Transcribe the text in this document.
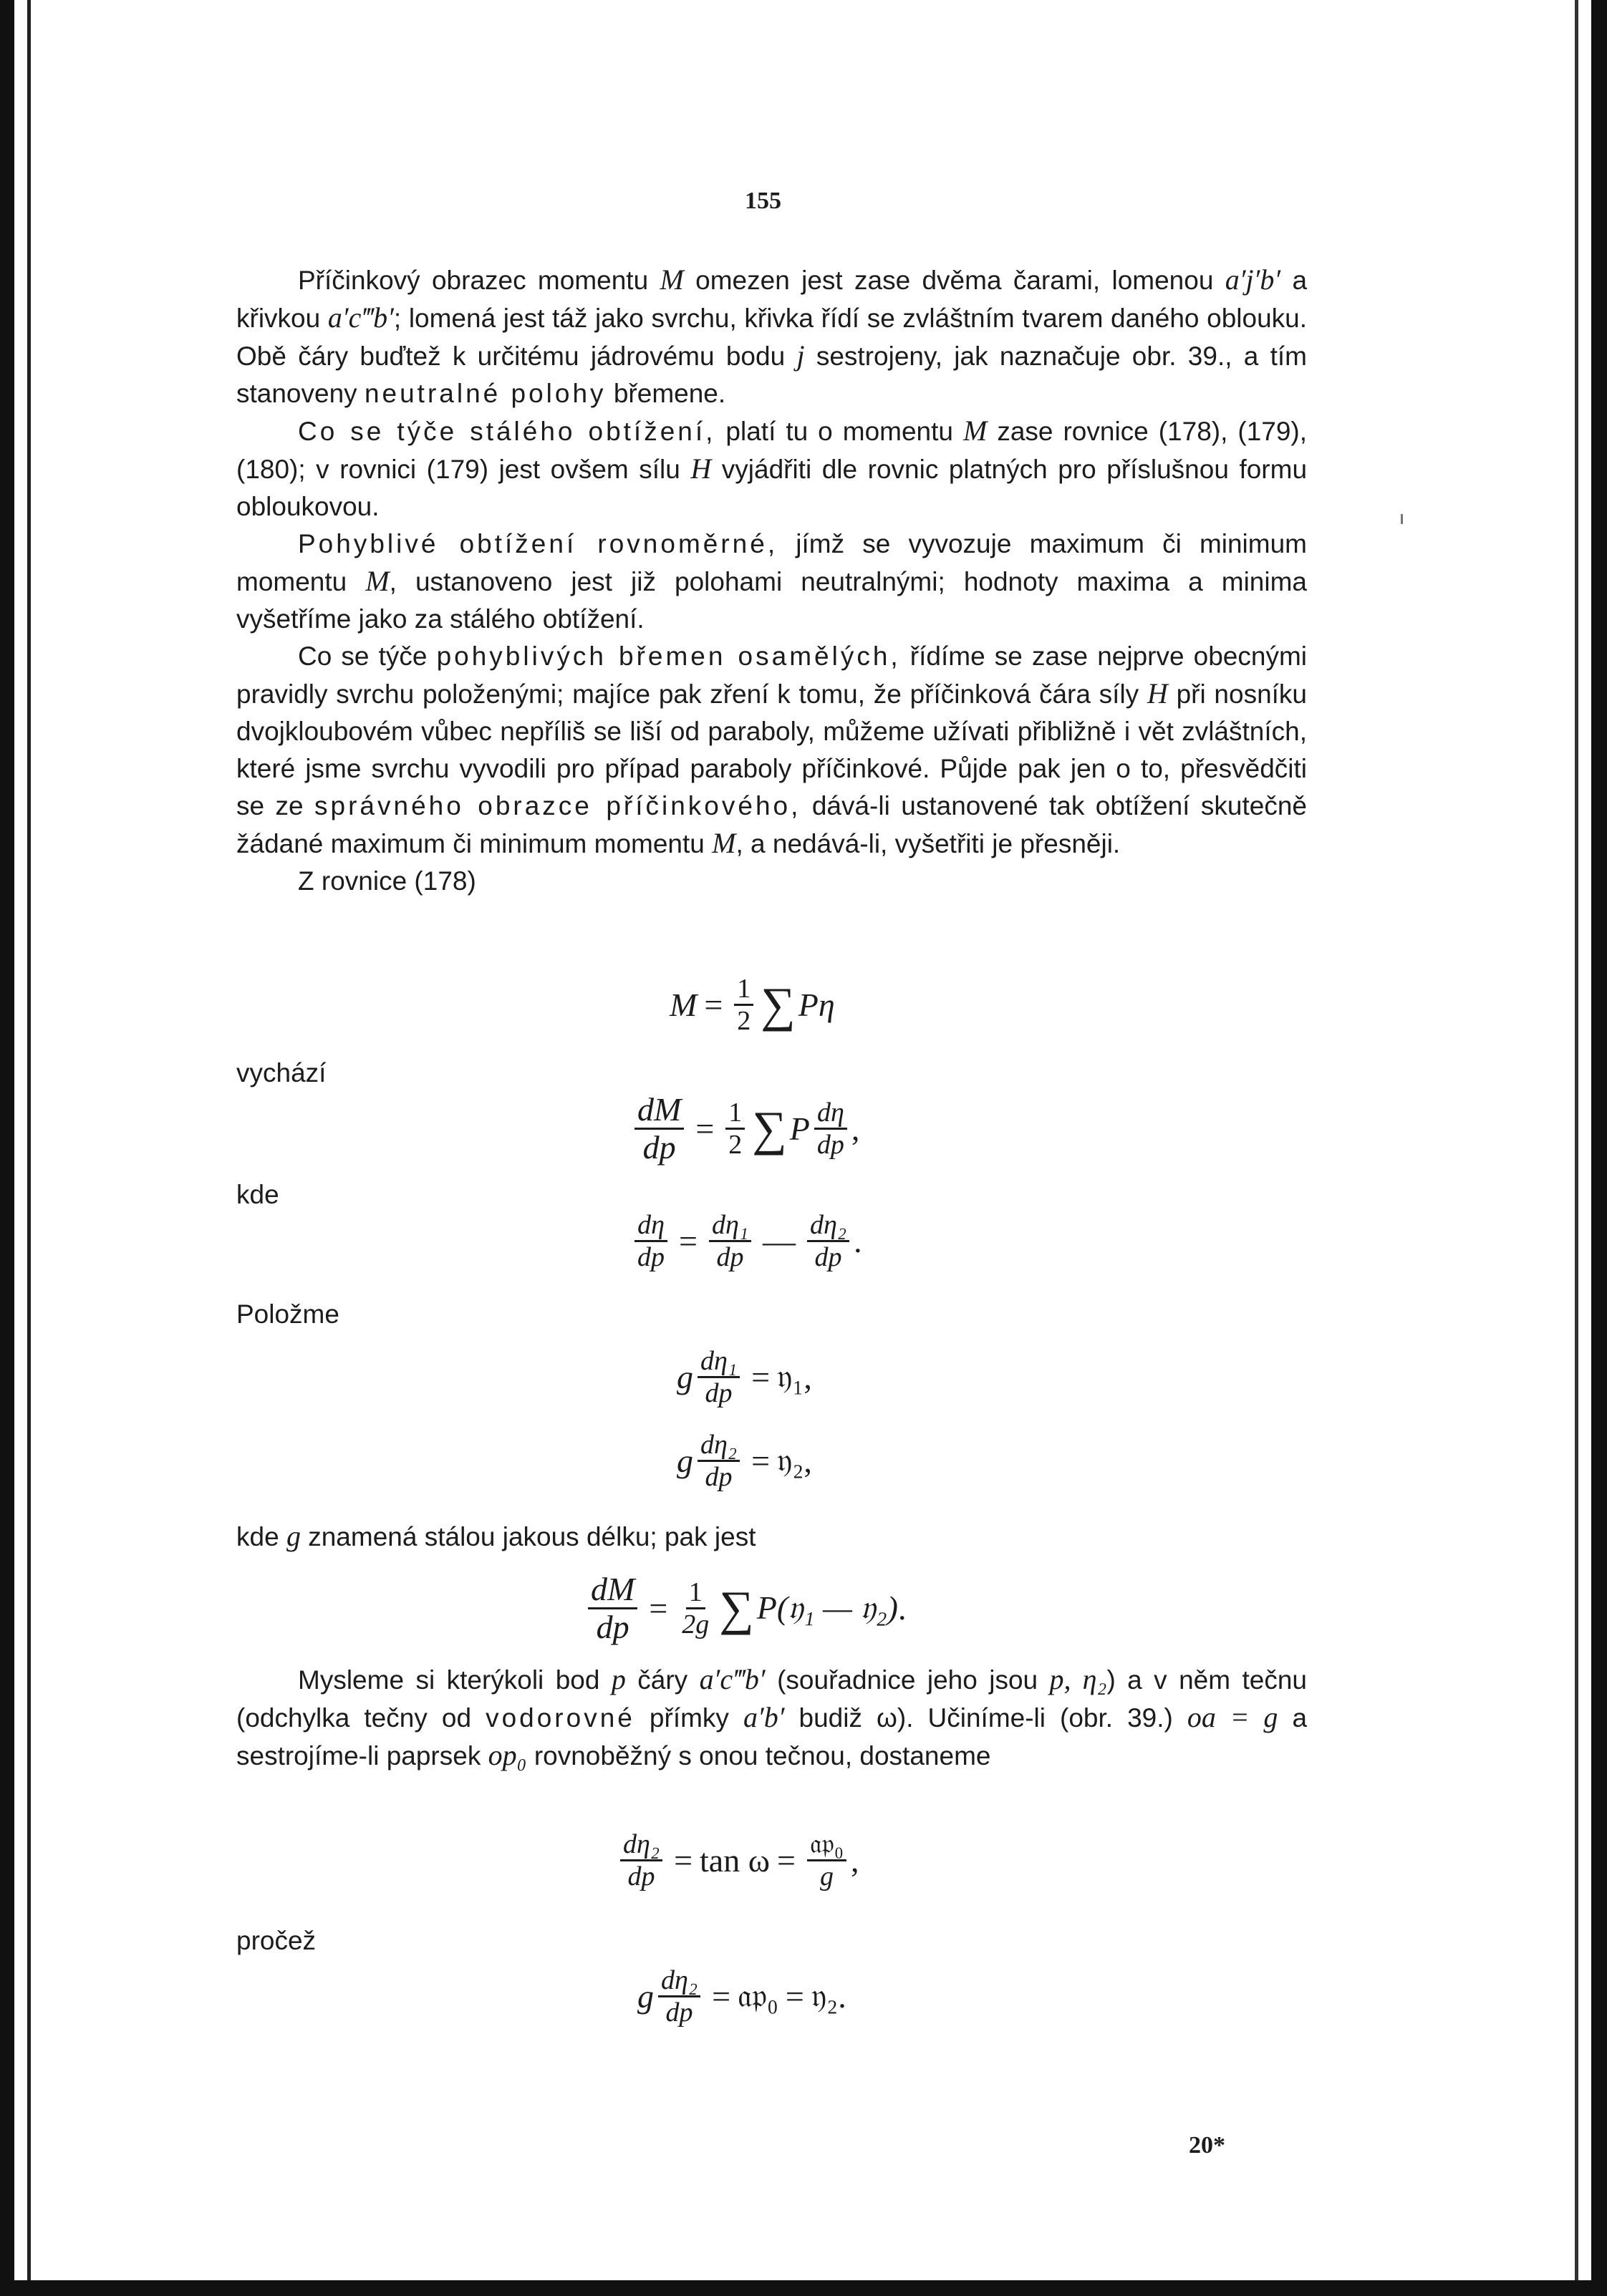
155

Příčinkový obrazec momentu M omezen jest zase dvěma čarami, lomenou a′j′b′ a křivkou a′c‴b′; lomená jest táž jako svrchu, křivka řídí se zvláštním tvarem daného oblouku. Obě čáry buďtež k určitému jádrovému bodu j sestrojeny, jak naznačuje obr. 39., a tím stanoveny neutralné polohy břemene.

Co se týče stálého obtížení, platí tu o momentu M zase rovnice (178), (179), (180); v rovnici (179) jest ovšem sílu H vyjádřiti dle rovnic platných pro příslušnou formu obloukovou.

Pohyblivé obtížení rovnoměrné, jímž se vyvozuje maximum či minimum momentu M, ustanoveno jest již polohami neutralnými; hodnoty maxima a minima vyšetříme jako za stálého obtížení.

Co se týče pohyblivých břemen osamělých, řídíme se zase nejprve obecnými pravidly svrchu položenými; majíce pak zření k tomu, že příčinková čára síly H při nosníku dvojkloubovém vůbec nepříliš se liší od paraboly, můžeme užívati přibližně i vět zvláštních, které jsme svrchu vyvodili pro případ paraboly příčinkové. Půjde pak jen o to, přesvědčiti se ze správného obrazce příčinkového, dává-li ustanovené tak obtížení skutečně žádané maximum či minimum momentu M, a nedává-li, vyšetřiti je přesněji.

Z rovnice (178)

$M = \frac{1}{2}$ ∑ Pη
vychází
$\frac{dM}{dp} = \frac{1}{2}$ ∑ P $\frac{d\eta}{dp}$ ,
kde
$\frac{d\eta}{dp} = \frac{\text{dη₁}}{dp}$ — $\frac{\text{dη₂}}{dp}$ .
Položme
g $\frac{\text{dη₁}}{dp}$ = 𝔶₁ ,
g $\frac{\text{dη₂}}{dp}$ = 𝔶₂ ,
kde g znamená stálou jakous délku; pak jest
$\frac{dM}{dp} = \frac{1}{2g}$ ∑ P(𝔶₁ — 𝔶₂) .

Mysleme si kterýkoli bod p čáry a′c‴b′ (souřadnice jeho jsou p, η₂) a v něm tečnu (odchylka tečny od vodorovné přímky a′b′ budiž ω). Učiníme-li (obr. 39.) oa = g a sestrojíme-li paprsek op₀ rovnoběžný s onou tečnou, dostaneme

$\frac{\text{dη₂}}{dp} = \tan \omega = \frac{\text{𝔞𝔭₀}}{g}$ ,
pročež
g $\frac{\text{dη₂}}{dp}$ = 𝔞𝔭₀ = 𝔶₂ .
20*
